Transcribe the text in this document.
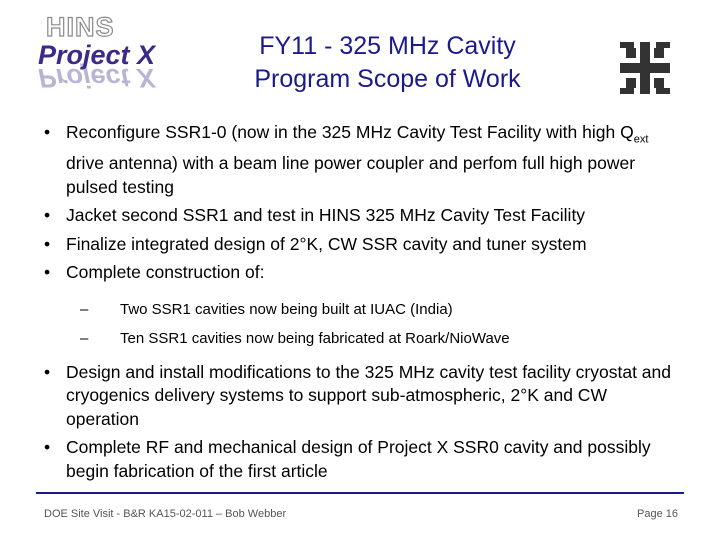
HINS
Project X
Project X
FY11 - 325 MHz Cavity
Program Scope of Work
• Reconfigure SSR1-0 (now in the 325 MHz Cavity Test Facility with high $Q_{ext}$ drive antenna) with a beam line power coupler and perfom full high power pulsed testing
• Jacket second SSR1 and test in HINS 325 MHz Cavity Test Facility
• Finalize integrated design of 2°K, CW SSR cavity and tuner system
• Complete construction of:
– Two SSR1 cavities now being built at IUAC (India)
– Ten SSR1 cavities now being fabricated at Roark/NioWave
• Design and install modifications to the 325 MHz cavity test facility cryostat and cryogenics delivery systems to support sub-atmospheric, 2°K and CW operation
• Complete RF and mechanical design of Project X SSR0 cavity and possibly begin fabrication of the first article
DOE Site Visit - B&R KA15-02-011 – Bob Webber	Page 16
